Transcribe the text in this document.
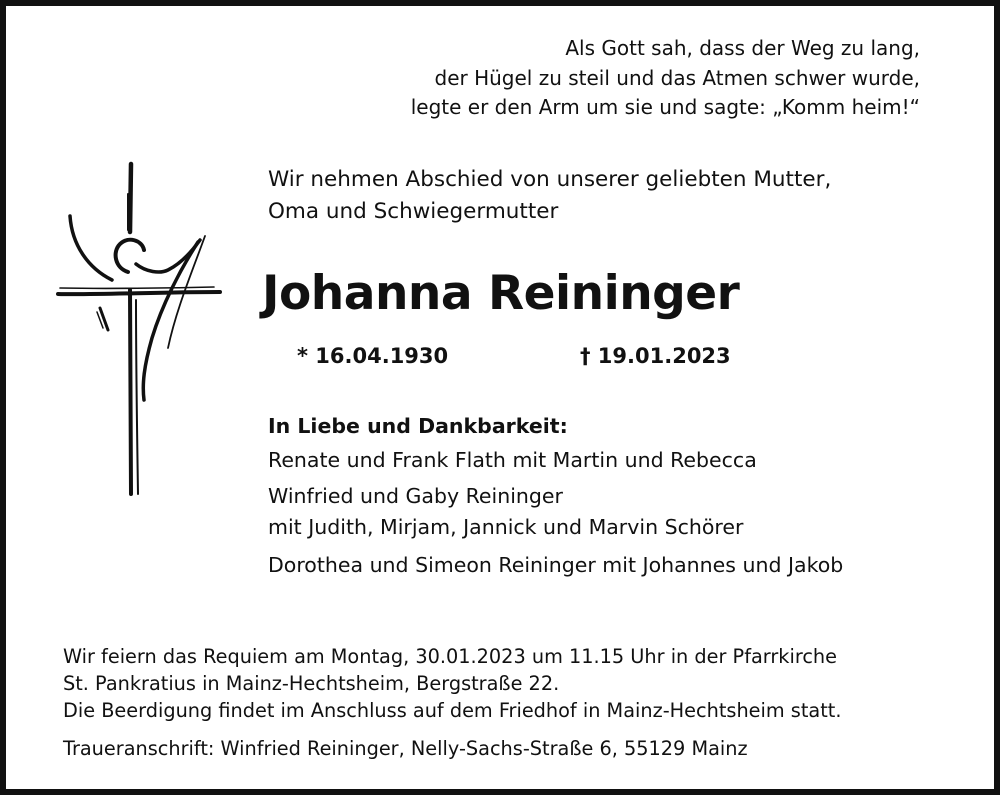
Als Gott sah, dass der Weg zu lang,
der Hügel zu steil und das Atmen schwer wurde,
legte er den Arm um sie und sagte: „Komm heim!“
Wir nehmen Abschied von unserer geliebten Mutter,
Oma und Schwiegermutter
Johanna Reininger
* 16.04.1930	† 19.01.2023
In Liebe und Dankbarkeit:
Renate und Frank Flath mit Martin und Rebecca
Winfried und Gaby Reininger
mit Judith, Mirjam, Jannick und Marvin Schörer
Dorothea und Simeon Reininger mit Johannes und Jakob
Wir feiern das Requiem am Montag, 30.01.2023 um 11.15 Uhr in der Pfarrkirche
St. Pankratius in Mainz-Hechtsheim, Bergstraße 22.
Die Beerdigung findet im Anschluss auf dem Friedhof in Mainz-Hechtsheim statt.
Traueranschrift: Winfried Reininger, Nelly-Sachs-Straße 6, 55129 Mainz
